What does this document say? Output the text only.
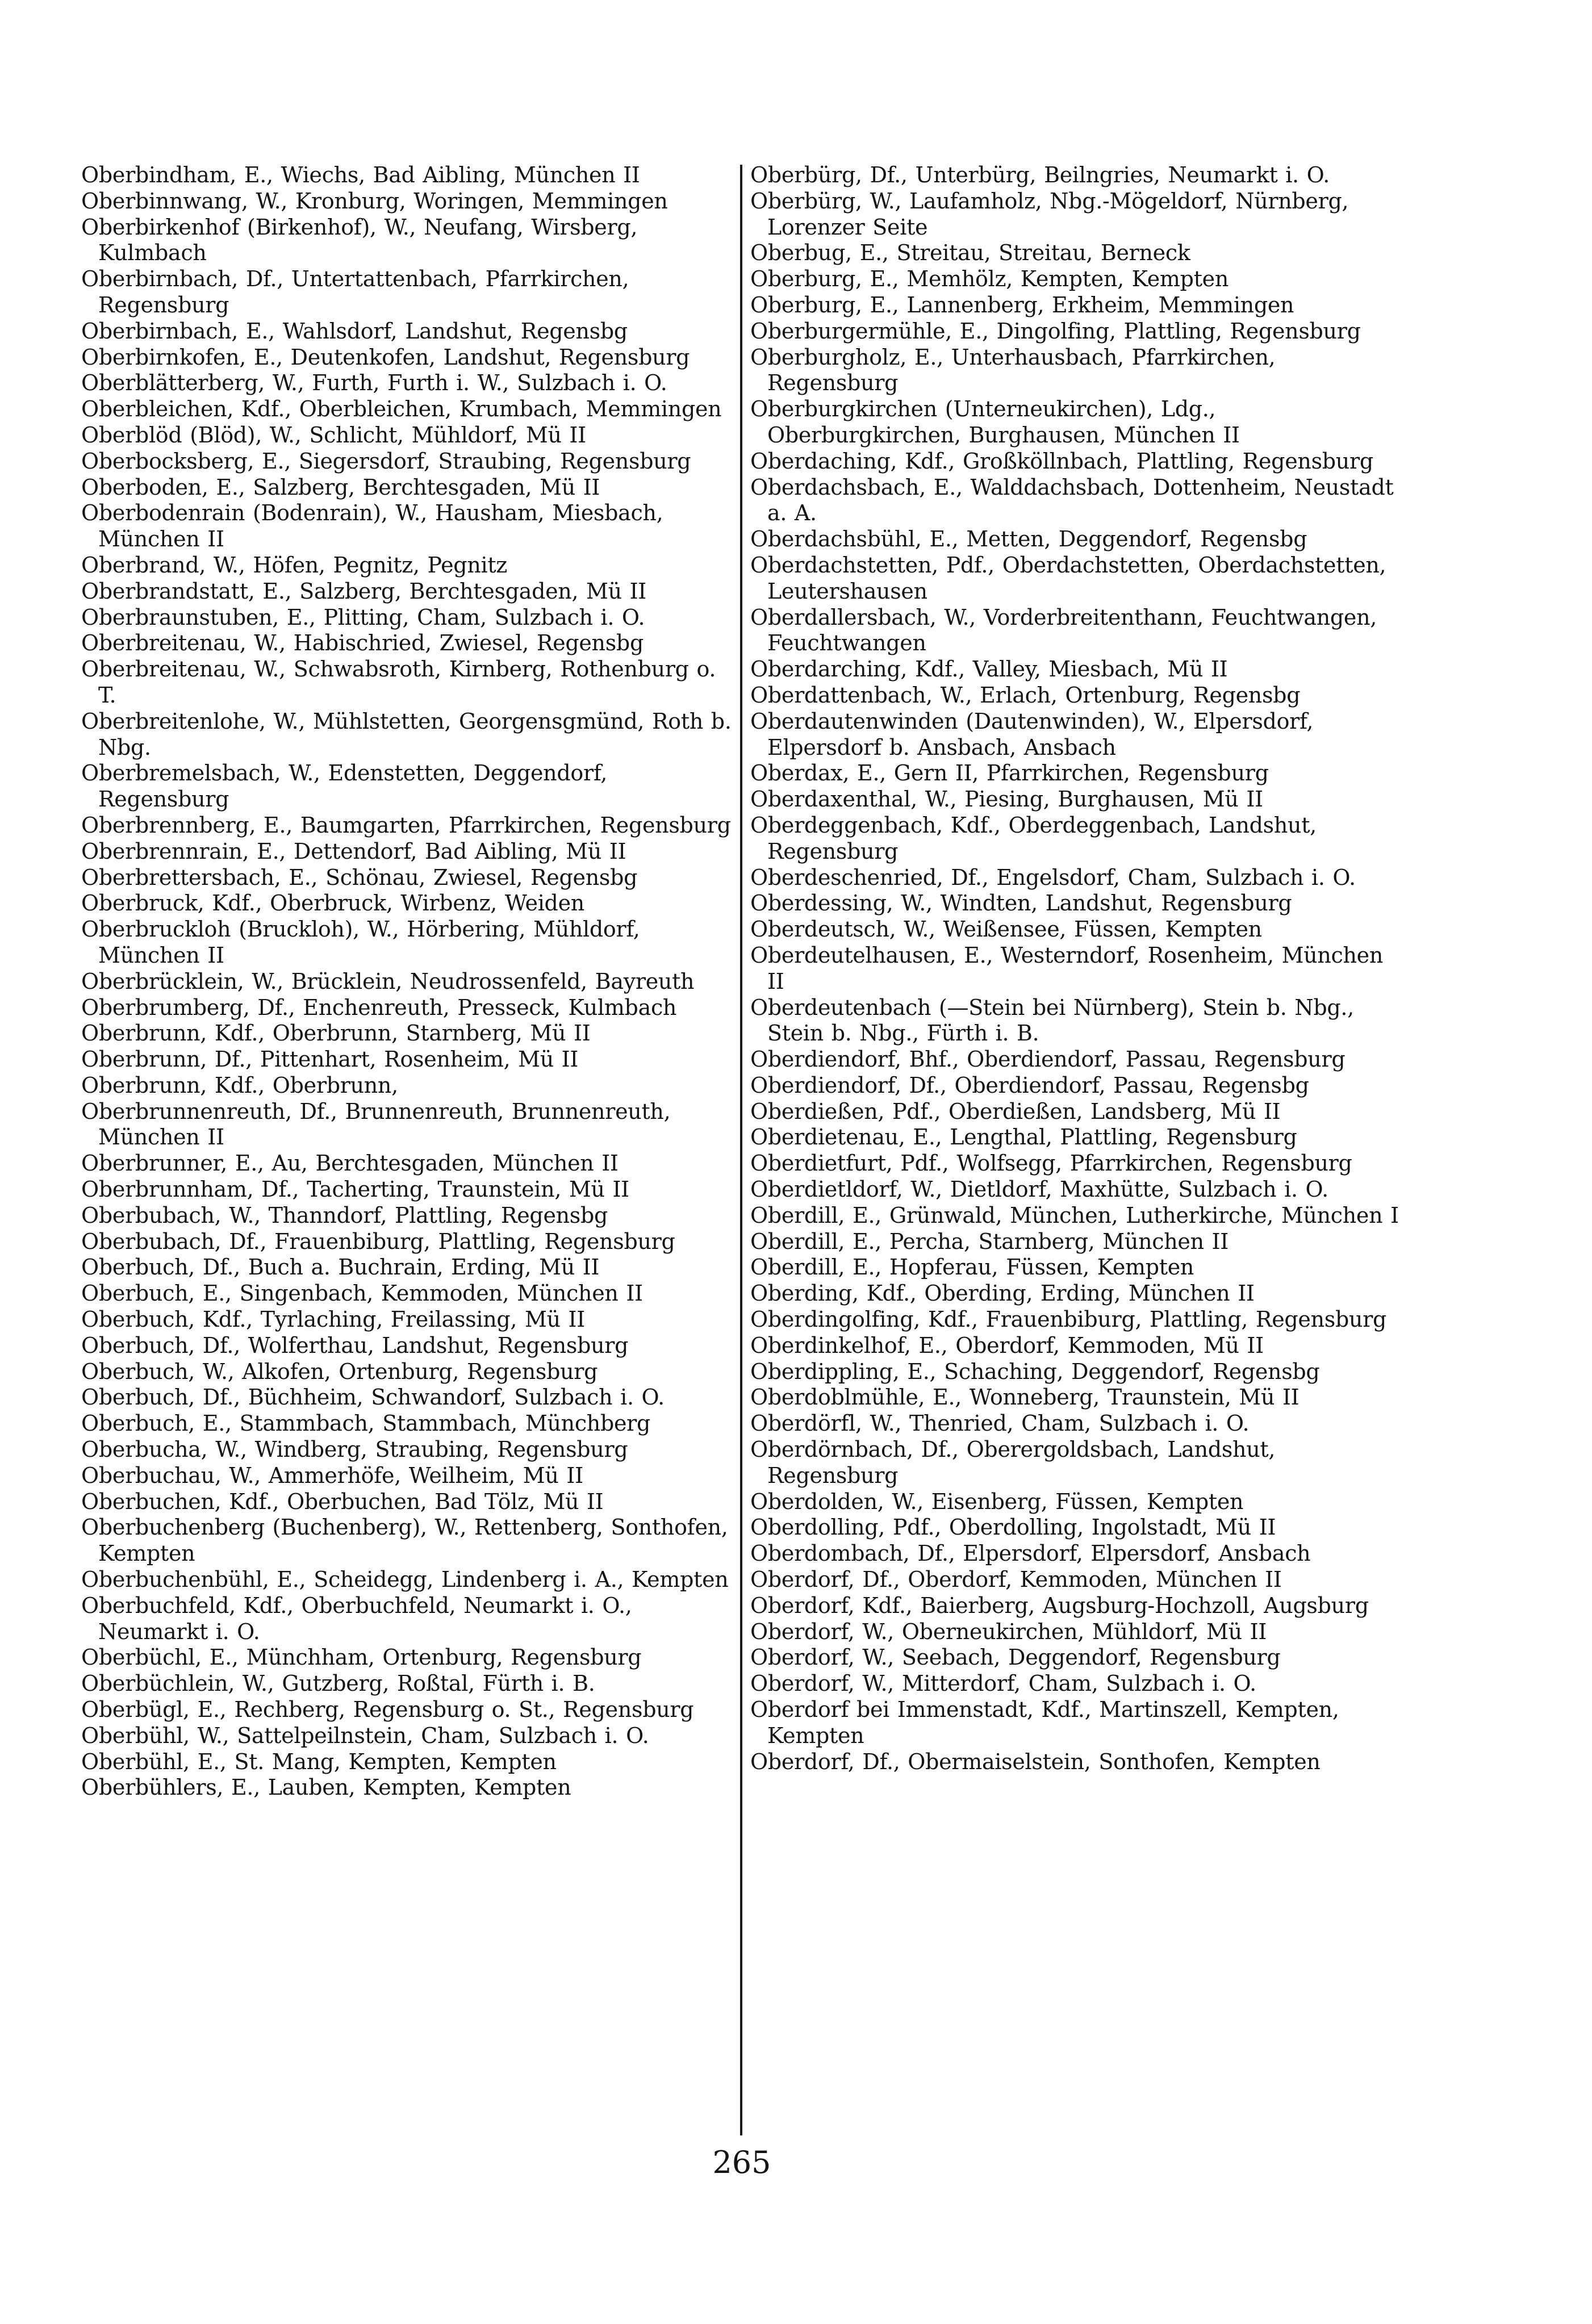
Oberbindham, E., Wiechs, Bad Aibling, München II
Oberbinnwang, W., Kronburg, Woringen, Memmingen
Oberbirkenhof (Birkenhof), W., Neufang, Wirsberg, Kulmbach
Oberbirnbach, Df., Untertattenbach, Pfarrkirchen, Regensburg
Oberbirnbach, E., Wahlsdorf, Landshut, Regensbg
Oberbirnkofen, E., Deutenkofen, Landshut, Regensburg
Oberblätterberg, W., Furth, Furth i. W., Sulzbach i. O.
Oberbleichen, Kdf., Oberbleichen, Krumbach, Memmingen
Oberblöd (Blöd), W., Schlicht, Mühldorf, Mü II
Oberbocksberg, E., Siegersdorf, Straubing, Regensburg
Oberboden, E., Salzberg, Berchtesgaden, Mü II
Oberbodenrain (Bodenrain), W., Hausham, Miesbach, München II
Oberbrand, W., Höfen, Pegnitz, Pegnitz
Oberbrandstatt, E., Salzberg, Berchtesgaden, Mü II
Oberbraunstuben, E., Plitting, Cham, Sulzbach i. O.
Oberbreitenau, W., Habischried, Zwiesel, Regensbg
Oberbreitenau, W., Schwabsroth, Kirnberg, Rothenburg o. T.
Oberbreitenlohe, W., Mühlstetten, Georgensgmünd, Roth b. Nbg.
Oberbremelsbach, W., Edenstetten, Deggendorf, Regensburg
Oberbrennberg, E., Baumgarten, Pfarrkirchen, Regensburg
Oberbrennrain, E., Dettendorf, Bad Aibling, Mü II
Oberbrettersbach, E., Schönau, Zwiesel, Regensbg
Oberbruck, Kdf., Oberbruck, Wirbenz, Weiden
Oberbruckloh (Bruckloh), W., Hörbering, Mühldorf, München II
Oberbrücklein, W., Brücklein, Neudrossenfeld, Bayreuth
Oberbrumberg, Df., Enchenreuth, Presseck, Kulmbach
Oberbrunn, Kdf., Oberbrunn, Starnberg, Mü II
Oberbrunn, Df., Pittenhart, Rosenheim, Mü II
Oberbrunn, Kdf., Oberbrunn,
Oberbrunnenreuth, Df., Brunnenreuth, Brunnenreuth, München II
Oberbrunner, E., Au, Berchtesgaden, München II
Oberbrunnham, Df., Tacherting, Traunstein, Mü II
Oberbubach, W., Thanndorf, Plattling, Regensbg
Oberbubach, Df., Frauenbiburg, Plattling, Regensburg
Oberbuch, Df., Buch a. Buchrain, Erding, Mü II
Oberbuch, E., Singenbach, Kemmoden, München II
Oberbuch, Kdf., Tyrlaching, Freilassing, Mü II
Oberbuch, Df., Wolferthau, Landshut, Regensburg
Oberbuch, W., Alkofen, Ortenburg, Regensburg
Oberbuch, Df., Büchheim, Schwandorf, Sulzbach i. O.
Oberbuch, E., Stammbach, Stammbach, Münchberg
Oberbucha, W., Windberg, Straubing, Regensburg
Oberbuchau, W., Ammerhöfe, Weilheim, Mü II
Oberbuchen, Kdf., Oberbuchen, Bad Tölz, Mü II
Oberbuchenberg (Buchenberg), W., Rettenberg, Sonthofen, Kempten
Oberbuchenbühl, E., Scheidegg, Lindenberg i. A., Kempten
Oberbuchfeld, Kdf., Oberbuchfeld, Neumarkt i. O., Neumarkt i. O.
Oberbüchl, E., Münchham, Ortenburg, Regensburg
Oberbüchlein, W., Gutzberg, Roßtal, Fürth i. B.
Oberbügl, E., Rechberg, Regensburg o. St., Regensburg
Oberbühl, W., Sattelpeilnstein, Cham, Sulzbach i. O.
Oberbühl, E., St. Mang, Kempten, Kempten
Oberbühlers, E., Lauben, Kempten, Kempten
Oberbürg, Df., Unterbürg, Beilngries, Neumarkt i. O.
Oberbürg, W., Laufamholz, Nbg.-Mögeldorf, Nürnberg, Lorenzer Seite
Oberbug, E., Streitau, Streitau, Berneck
Oberburg, E., Memhölz, Kempten, Kempten
Oberburg, E., Lannenberg, Erkheim, Memmingen
Oberburgermühle, E., Dingolfing, Plattling, Regensburg
Oberburgholz, E., Unterhausbach, Pfarrkirchen, Regensburg
Oberburgkirchen (Unterneukirchen), Ldg., Oberburgkirchen, Burghausen, München II
Oberdaching, Kdf., Großköllnbach, Plattling, Regensburg
Oberdachsbach, E., Walddachsbach, Dottenheim, Neustadt a. A.
Oberdachsbühl, E., Metten, Deggendorf, Regensbg
Oberdachstetten, Pdf., Oberdachstetten, Oberdachstetten, Leutershausen
Oberdallersbach, W., Vorderbreitenthann, Feuchtwangen, Feuchtwangen
Oberdarching, Kdf., Valley, Miesbach, Mü II
Oberdattenbach, W., Erlach, Ortenburg, Regensbg
Oberdautenwinden (Dautenwinden), W., Elpersdorf, Elpersdorf b. Ansbach, Ansbach
Oberdax, E., Gern II, Pfarrkirchen, Regensburg
Oberdaxenthal, W., Piesing, Burghausen, Mü II
Oberdeggenbach, Kdf., Oberdeggenbach, Landshut, Regensburg
Oberdeschenried, Df., Engelsdorf, Cham, Sulzbach i. O.
Oberdessing, W., Windten, Landshut, Regensburg
Oberdeutsch, W., Weißensee, Füssen, Kempten
Oberdeutelhausen, E., Westerndorf, Rosenheim, München II
Oberdeutenbach (—Stein bei Nürnberg), Stein b. Nbg., Stein b. Nbg., Fürth i. B.
Oberdiendorf, Bhf., Oberdiendorf, Passau, Regensburg
Oberdiendorf, Df., Oberdiendorf, Passau, Regensbg
Oberdießen, Pdf., Oberdießen, Landsberg, Mü II
Oberdietenau, E., Lengthal, Plattling, Regensburg
Oberdietfurt, Pdf., Wolfsegg, Pfarrkirchen, Regensburg
Oberdietldorf, W., Dietldorf, Maxhütte, Sulzbach i. O.
Oberdill, E., Grünwald, München, Lutherkirche, München I
Oberdill, E., Percha, Starnberg, München II
Oberdill, E., Hopferau, Füssen, Kempten
Oberding, Kdf., Oberding, Erding, München II
Oberdingolfing, Kdf., Frauenbiburg, Plattling, Regensburg
Oberdinkelhof, E., Oberdorf, Kemmoden, Mü II
Oberdippling, E., Schaching, Deggendorf, Regensbg
Oberdoblmühle, E., Wonneberg, Traunstein, Mü II
Oberdörfl, W., Thenried, Cham, Sulzbach i. O.
Oberdörnbach, Df., Oberergoldsbach, Landshut, Regensburg
Oberdolden, W., Eisenberg, Füssen, Kempten
Oberdolling, Pdf., Oberdolling, Ingolstadt, Mü II
Oberdombach, Df., Elpersdorf, Elpersdorf, Ansbach
Oberdorf, Df., Oberdorf, Kemmoden, München II
Oberdorf, Kdf., Baierberg, Augsburg-Hochzoll, Augsburg
Oberdorf, W., Oberneukirchen, Mühldorf, Mü II
Oberdorf, W., Seebach, Deggendorf, Regensburg
Oberdorf, W., Mitterdorf, Cham, Sulzbach i. O.
Oberdorf bei Immenstadt, Kdf., Martinszell, Kempten, Kempten
Oberdorf, Df., Obermaiselstein, Sonthofen, Kempten
265
